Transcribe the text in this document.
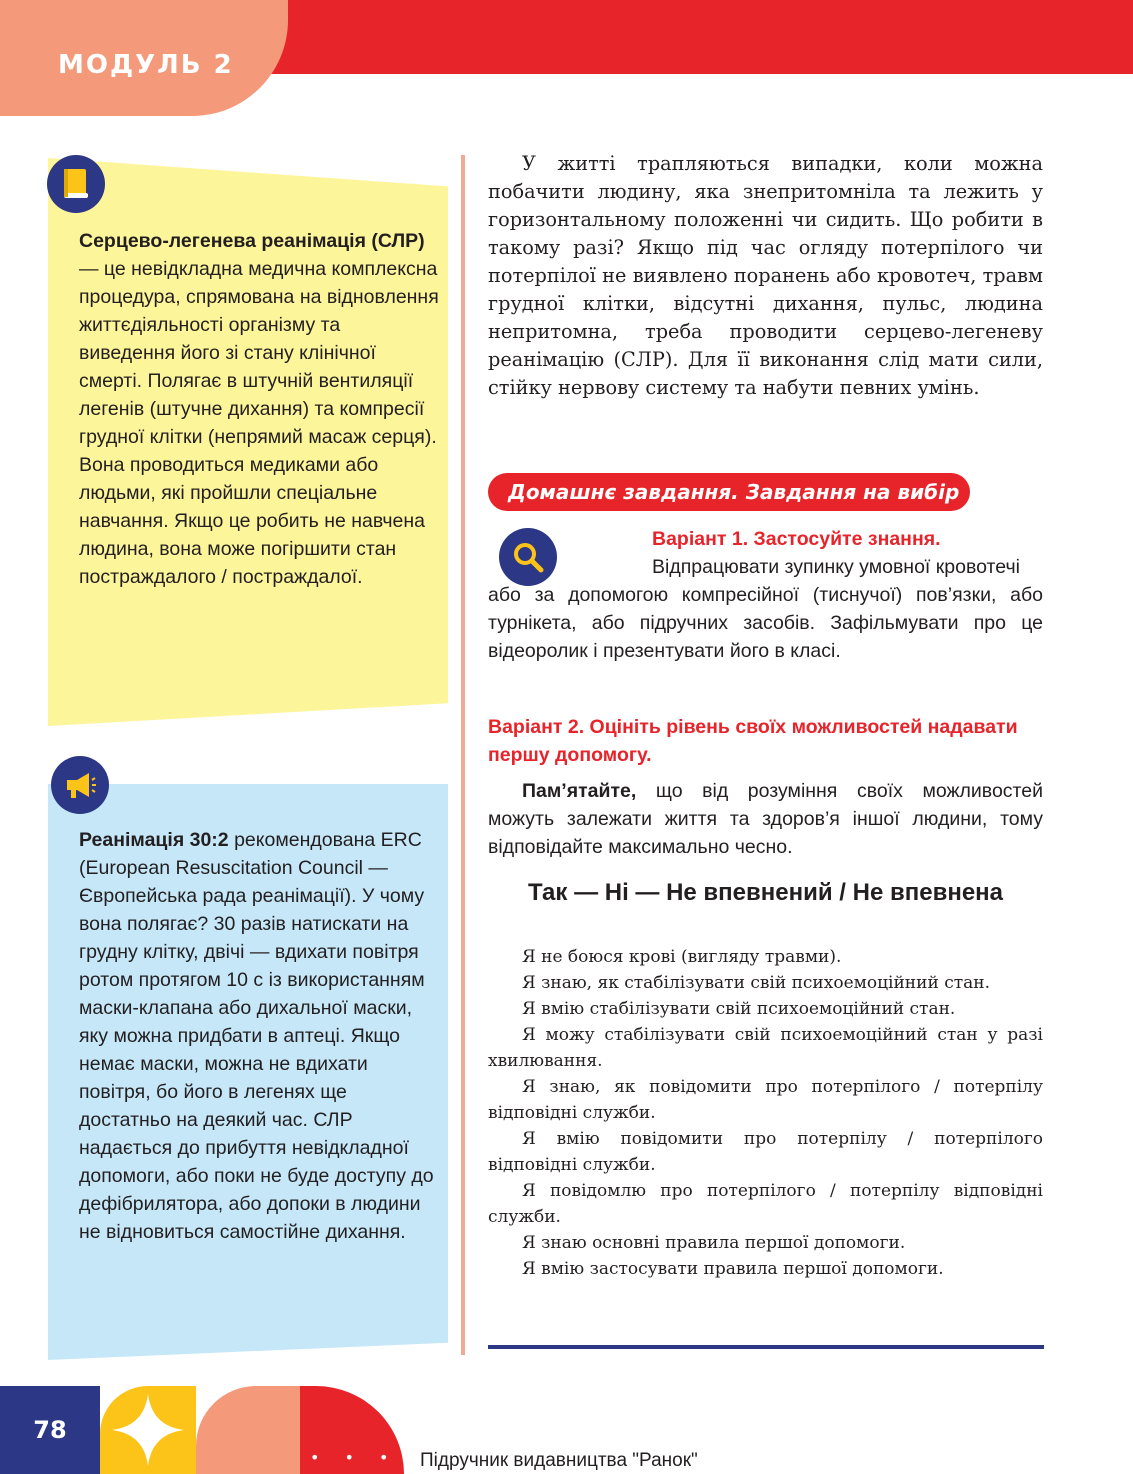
МОДУЛЬ 2
Серцево-легенева реанімація (СЛР) — це невідкладна медична комплексна процедура, спрямована на відновлення життєдіяльності організму та виведення його зі стану клінічної смерті. Полягає в штучній вентиляції легенів (штучне дихання) та компресії грудної клітки (непрямий масаж серця). Вона проводиться медиками або людьми, які пройшли спеціальне навчання. Якщо це робить не навчена людина, вона може погіршити стан постраждалого / постраждалої.
Реанімація 30:2 рекомендована ERC (European Resuscitation Council — Європейська рада реанімації). У чому вона полягає? 30 разів натискати на грудну клітку, двічі — вдихати повітря ротом протягом 10 с із використанням маски-клапана або дихальної маски, яку можна придбати в аптеці. Якщо немає маски, можна не вдихати повітря, бо його в легенях ще достатньо на деякий час. СЛР надається до прибуття невідкладної допомоги, або поки не буде доступу до дефібрилятора, або допоки в людини не відновиться самостійне дихання.
У житті трапляються випадки, коли можна побачити людину, яка знепритомніла та лежить у горизонтальному положенні чи сидить. Що робити в такому разі? Якщо під час огляду потерпілого чи потерпілої не виявлено поранень або кровотеч, травм грудної клітки, відсутні дихання, пульс, людина непритомна, треба проводити серцево-легеневу реанімацію (СЛР). Для її виконання слід мати сили, стійку нервову систему та набути певних умінь.
Домашнє завдання. Завдання на вибір
Варіант 1. Застосуйте знання.
Відпрацювати зупинку умовної кровотечі
або за допомогою компресійної (тиснучої) пов’язки, або турнікета, або підручних засобів. Зафільмувати про це відеоролик і презентувати його в класі.
Варіант 2. Оцініть рівень своїх можливостей надавати першу допомогу.
Пам’ятайте, що від розуміння своїх можливостей можуть залежати життя та здоров’я іншої людини, тому відповідайте максимально чесно.
Так — Ні — Не впевнений / Не впевнена
Я не боюся крові (вигляду травми).
Я знаю, як стабілізувати свій психоемоційний стан.
Я вмію стабілізувати свій психоемоційний стан.
Я можу стабілізувати свій психоемоційний стан у разі хвилювання.
Я знаю, як повідомити про потерпілого / потерпілу відповідні служби.
Я вмію повідомити про потерпілу / потерпілого відповідні служби.
Я повідомлю про потерпілого / потерпілу відповідні служби.
Я знаю основні правила першої допомоги.
Я вмію застосувати правила першої допомоги.
78
• • • •
Підручник видавництва "Ранок"
